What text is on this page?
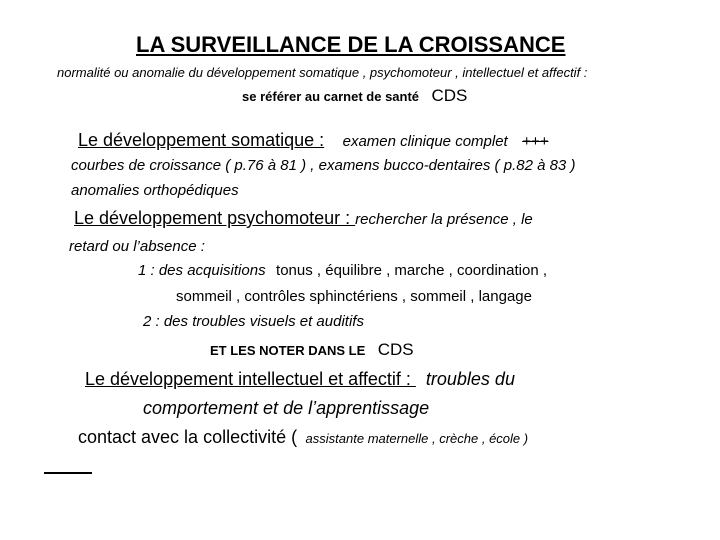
LA SURVEILLANCE DE LA CROISSANCE
normalité ou anomalie du développement somatique , psychomoteur , intellectuel et affectif :
se référer au carnet de santé CDS
Le développement somatique : examen clinique complet +++
courbes de croissance ( p.76 à 81 ) , examens bucco-dentaires ( p.82 à 83 )
anomalies orthopédiques
Le développement psychomoteur : rechercher la présence , le
retard ou l’absence :
1 : des acquisitions tonus , équilibre , marche , coordination ,
sommeil , contrôles sphinctériens , sommeil , langage
2 : des troubles visuels et auditifs
ET LES NOTER DANS LE CDS
Le développement intellectuel et affectif : troubles du
comportement et de l’apprentissage
contact avec la collectivité ( assistante maternelle , crèche , école )
